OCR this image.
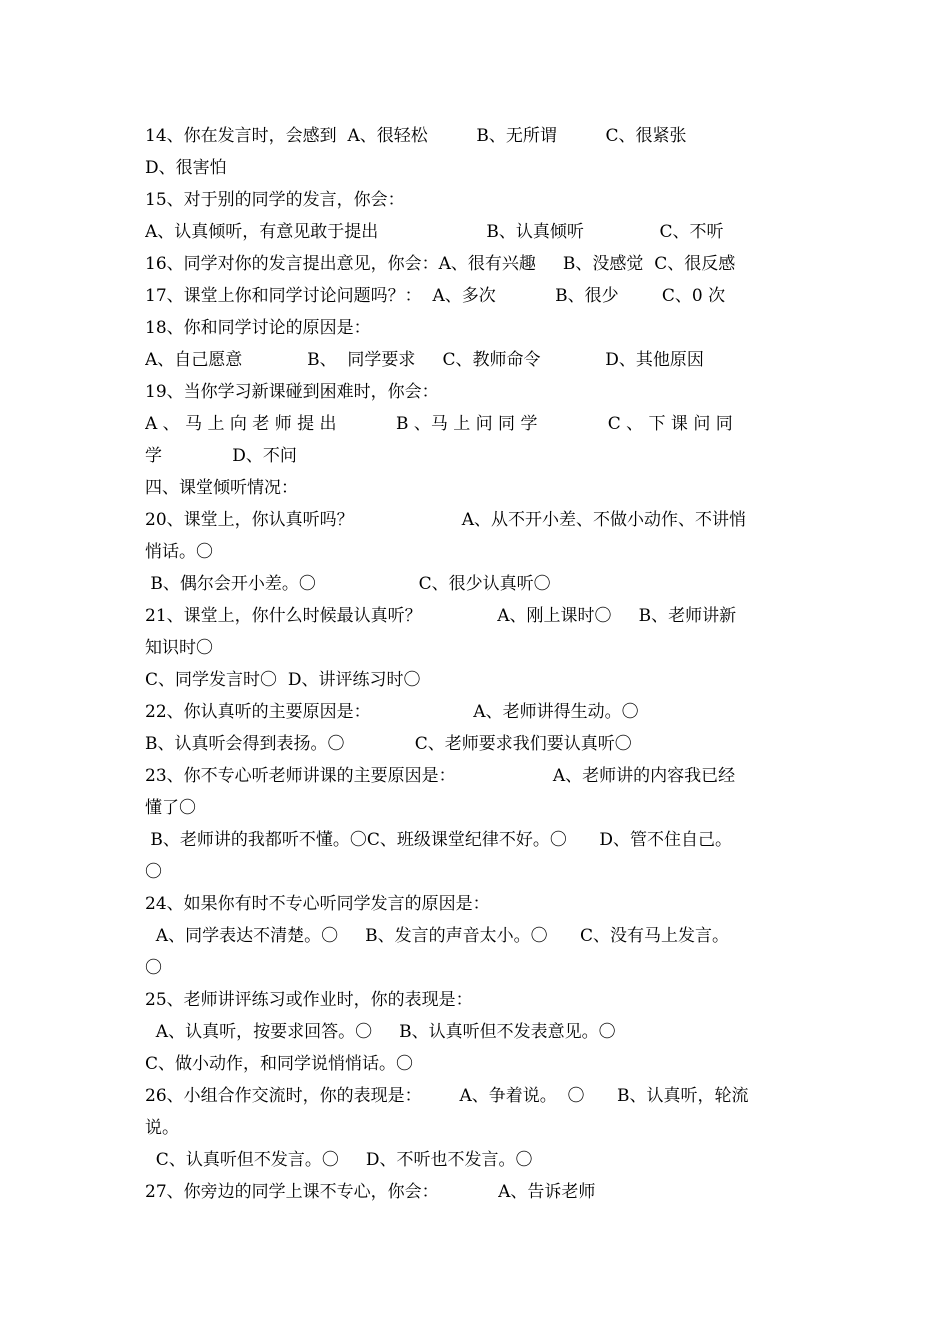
14、你在发言时，会感到  A、很轻松         B、无所谓         C、很紧张
D、很害怕
15、对于别的同学的发言，你会：
A、认真倾听，有意见敢于提出                    B、认真倾听              C、不听
16、同学对你的发言提出意见，你会：A、很有兴趣     B、没感觉  C、很反感
17、课堂上你和同学讨论问题吗？：  A、多次           B、很少        C、0 次
18、你和同学讨论的原因是：
A、自己愿意            B、  同学要求     C、教师命令            D、其他原因
19、当你学习新课碰到困难时，你会：
A 、 马 上 向 老 师 提 出           B 、马 上 问 同 学             C 、 下 课 问 同
学             D、不问
四、课堂倾听情况：
20、课堂上，你认真听吗？                    A、从不开小差、不做小动作、不讲悄
悄话。〇
B、偶尔会开小差。〇                   C、很少认真听〇
21、课堂上，你什么时候最认真听？              A、刚上课时〇     B、老师讲新
知识时〇
C、同学发言时〇  D、讲评练习时〇
22、你认真听的主要原因是：                   A、老师讲得生动。〇
B、认真听会得到表扬。〇             C、老师要求我们要认真听〇
23、你不专心听老师讲课的主要原因是：                  A、老师讲的内容我已经
懂了〇
B、老师讲的我都听不懂。〇C、班级课堂纪律不好。〇      D、管不住自己。
〇
24、如果你有时不专心听同学发言的原因是：
A、同学表达不清楚。〇     B、发言的声音太小。〇      C、没有马上发言。
〇
25、老师讲评练习或作业时，你的表现是：
A、认真听，按要求回答。〇     B、认真听但不发表意见。〇
C、做小动作，和同学说悄悄话。〇
26、小组合作交流时，你的表现是：       A、争着说。  〇      B、认真听，轮流
说。
C、认真听但不发言。〇     D、不听也不发言。〇
27、你旁边的同学上课不专心，你会：           A、告诉老师
